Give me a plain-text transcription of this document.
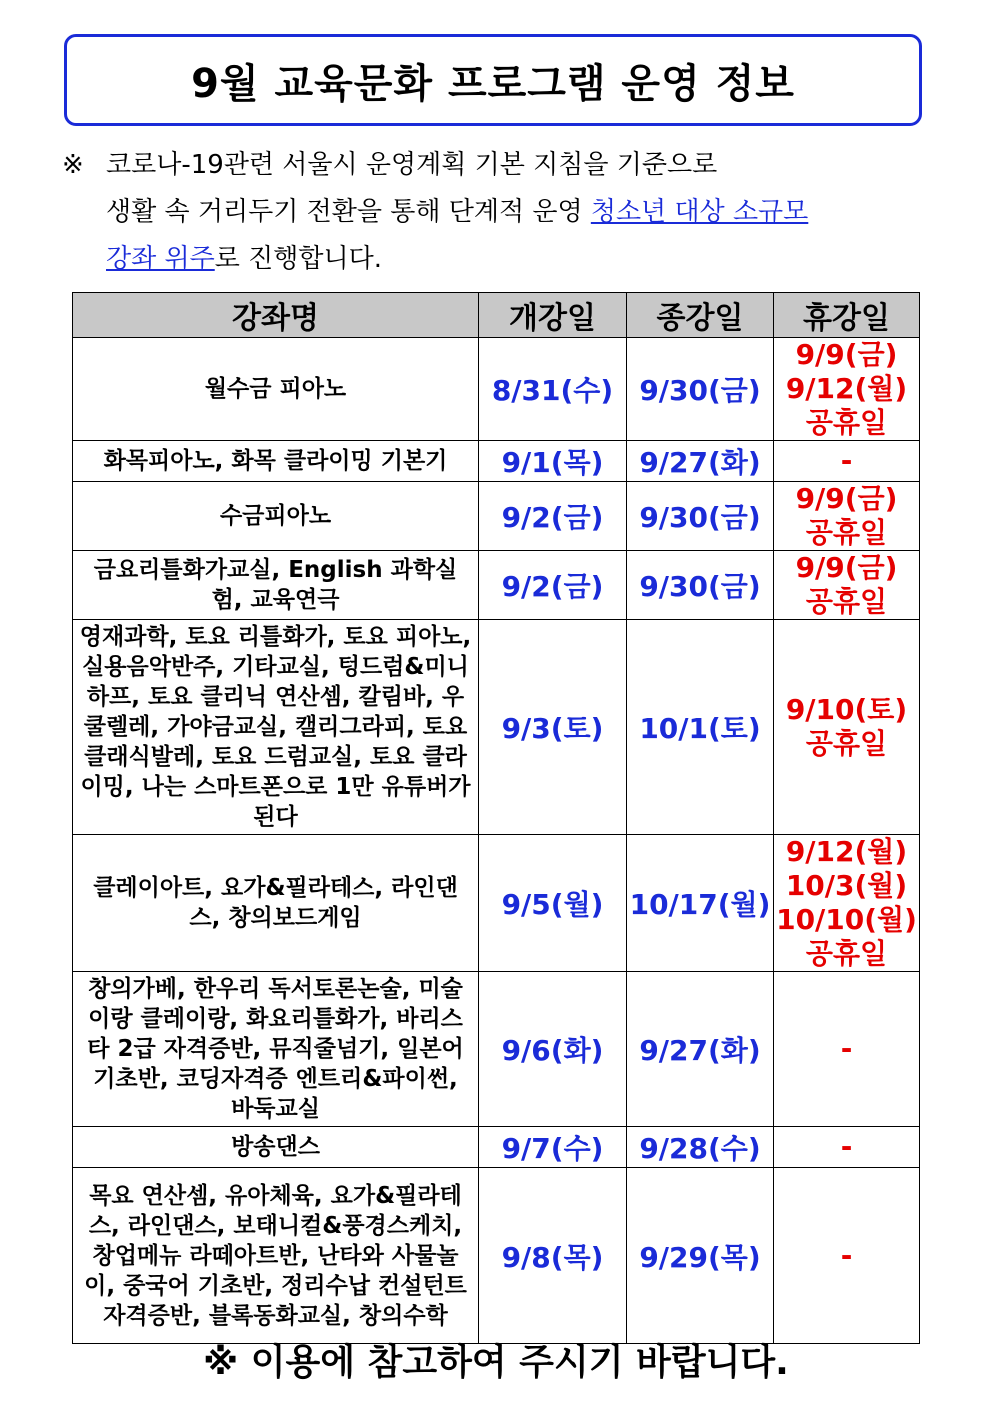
9월 교육문화 프로그램 운영 정보
※ 코로나-19관련 서울시 운영계획 기본 지침을 기준으로
생활 속 거리두기 전환을 통해 단계적 운영 청소년 대상 소규모
강좌 위주로 진행합니다.
강좌명	개강일	종강일	휴강일
월수금 피아노	8/31(수)	9/30(금)	9/9(금)
9/12(월)
공휴일

화목피아노, 화목 클라이밍 기본기	9/1(목)	9/27(화)	-

수금피아노	9/2(금)	9/30(금)	9/9(금)
공휴일

금요리틀화가교실, English 과학실험, 교육연극	9/2(금)	9/30(금)	9/9(금)
공휴일

영재과학, 토요 리틀화가, 토요 피아노, 실용음악반주, 기타교실, 텅드럼&미니하프, 토요 클리닉 연산셈, 칼림바, 우쿨렐레, 가야금교실, 캘리그라피, 토요 클래식발레, 토요 드럼교실, 토요 클라이밍, 나는 스마트폰으로 1만 유튜버가 된다	9/3(토)	10/1(토)	9/10(토)
공휴일

클레이아트, 요가&필라테스, 라인댄스, 창의보드게임	9/5(월)	10/17(월)	9/12(월)
10/3(월)
10/10(월)
공휴일

창의가베, 한우리 독서토론논술, 미술이랑 클레이랑, 화요리틀화가, 바리스타 2급 자격증반, 뮤직줄넘기, 일본어 기초반, 코딩자격증 엔트리&파이썬, 바둑교실	9/6(화)	9/27(화)	-

방송댄스	9/7(수)	9/28(수)	-

목요 연산셈, 유아체육, 요가&필라테스, 라인댄스, 보태니컬&풍경스케치, 창업메뉴 라떼아트반, 난타와 사물놀이, 중국어 기초반, 정리수납 컨설턴트 자격증반, 블록동화교실, 창의수학	9/8(목)	9/29(목)	-
※ 이용에 참고하여 주시기 바랍니다.
